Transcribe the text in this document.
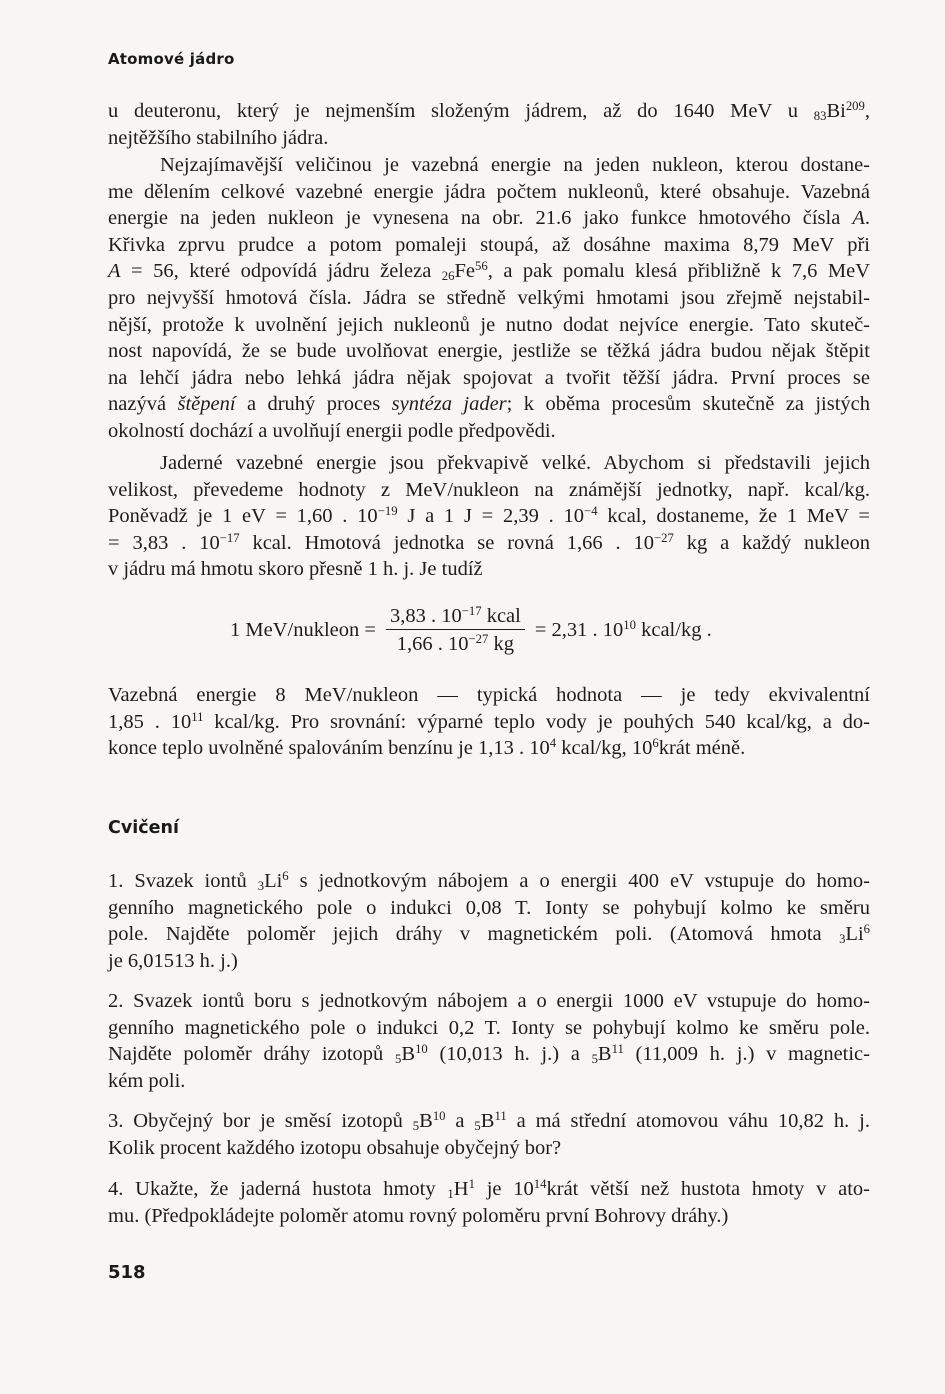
Atomové jádro
u deuteronu, který je nejmenším složeným jádrem, až do 1640 MeV u $_{83}Bi^{209}$,
nejtěžšího stabilního jádra.
Nejzajímavější veličinou je vazebná energie na jeden nukleon, kterou dostane-
me dělením celkové vazebné energie jádra počtem nukleonů, které obsahuje. Vazebná
energie na jeden nukleon je vynesena na obr. 21.6 jako funkce hmotového čísla A.
Křivka zprvu prudce a potom pomaleji stoupá, až dosáhne maxima 8,79 MeV při
A = 56, které odpovídá jádru železa $_{26}Fe^{56}$, a pak pomalu klesá přibližně k 7,6 MeV
pro nejvyšší hmotová čísla. Jádra se středně velkými hmotami jsou zřejmě nejstabil-
nější, protože k uvolnění jejich nukleonů je nutno dodat nejvíce energie. Tato skuteč-
nost napovídá, že se bude uvolňovat energie, jestliže se těžká jádra budou nějak štěpit
na lehčí jádra nebo lehká jádra nějak spojovat a tvořit těžší jádra. První proces se
nazývá štěpení a druhý proces syntéza jader; k oběma procesům skutečně za jistých
okolností dochází a uvolňují energii podle předpovědi.
Jaderné vazebné energie jsou překvapivě velké. Abychom si představili jejich
velikost, převedeme hodnoty z MeV/nukleon na známější jednotky, např. kcal/kg.
Poněvadž je 1 eV = 1,60 . $10^{-19}$ J a 1 J = 2,39 . $10^{-4}$ kcal, dostaneme, že 1 MeV =
= 3,83 . $10^{-17}$ kcal. Hmotová jednotka se rovná 1,66 . $10^{-27}$ kg a každý nukleon
v jádru má hmotu skoro přesně 1 h. j. Je tudíž
1 MeV/nukleon = $\frac{3,83 . 10^{-17} kcal}{1,66 . 10^{-27} kg} = 2,31$ . $10^{10}$ kcal/kg .
Vazebná energie 8 MeV/nukleon — typická hodnota — je tedy ekvivalentní
1,85 . $10^{11}$ kcal/kg. Pro srovnání: výparné teplo vody je pouhých 540 kcal/kg, a do-
konce teplo uvolněné spalováním benzínu je 1,13 . $10^4$ kcal/kg, $10^6krát$ méně.
Cvičení
1. Svazek iontů $_3Li^6$ s jednotkovým nábojem a o energii 400 eV vstupuje do homo-
genního magnetického pole o indukci 0,08 T. Ionty se pohybují kolmo ke směru
pole. Najděte poloměr jejich dráhy v magnetickém poli. (Atomová hmota $_3Li^6$
je 6,01513 h. j.)
2. Svazek iontů boru s jednotkovým nábojem a o energii 1000 eV vstupuje do homo-
genního magnetického pole o indukci 0,2 T. Ionty se pohybují kolmo ke směru pole.
Najděte poloměr dráhy izotopů $_5B^{10}$ (10,013 h. j.) a $_5B^{11}$ (11,009 h. j.) v magnetic-
kém poli.
3. Obyčejný bor je směsí izotopů $_5B^{10}$ a $_5B^{11}$ a má střední atomovou váhu 10,82 h. j.
Kolik procent každého izotopu obsahuje obyčejný bor?
4. Ukažte, že jaderná hustota hmoty $_1H^1$ je $10^{14}krát$ větší než hustota hmoty v ato-
mu. (Předpokládejte poloměr atomu rovný poloměru první Bohrovy dráhy.)
518
